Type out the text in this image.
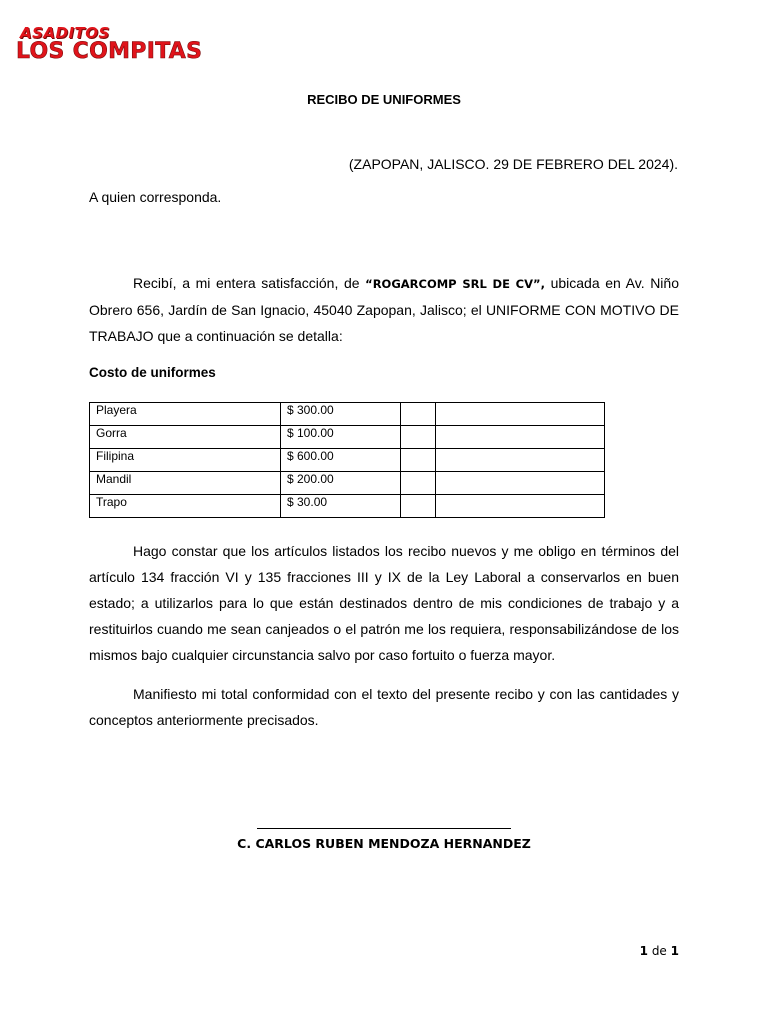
ASADITOS
LOS COMPITAS
RECIBO DE UNIFORMES
(ZAPOPAN, JALISCO. 29 DE FEBRERO DEL 2024).
A quien corresponda.

Recibí, a mi entera satisfacción, de “ROGARCOMP SRL DE CV”, ubicada en Av. Niño Obrero 656, Jardín de San Ignacio, 45040 Zapopan, Jalisco; el UNIFORME CON MOTIVO DE TRABAJO que a continuación se detalla:

Costo de uniformes
Playera	$ 300.00		
Gorra	$ 100.00		
Filipina	$ 600.00		
Mandil	$ 200.00		
Trapo	$ 30.00		

Hago constar que los artículos listados los recibo nuevos y me obligo en términos del artículo 134 fracción VI y 135 fracciones III y IX de la Ley Laboral a conservarlos en buen estado; a utilizarlos para lo que están destinados dentro de mis condiciones de trabajo y a restituirlos cuando me sean canjeados o el patrón me los requiera, responsabilizándose de los mismos bajo cualquier circunstancia salvo por caso fortuito o fuerza mayor.

Manifiesto mi total conformidad con el texto del presente recibo y con las cantidades y conceptos anteriormente precisados.

C. CARLOS RUBEN MENDOZA HERNANDEZ
1 de 1
